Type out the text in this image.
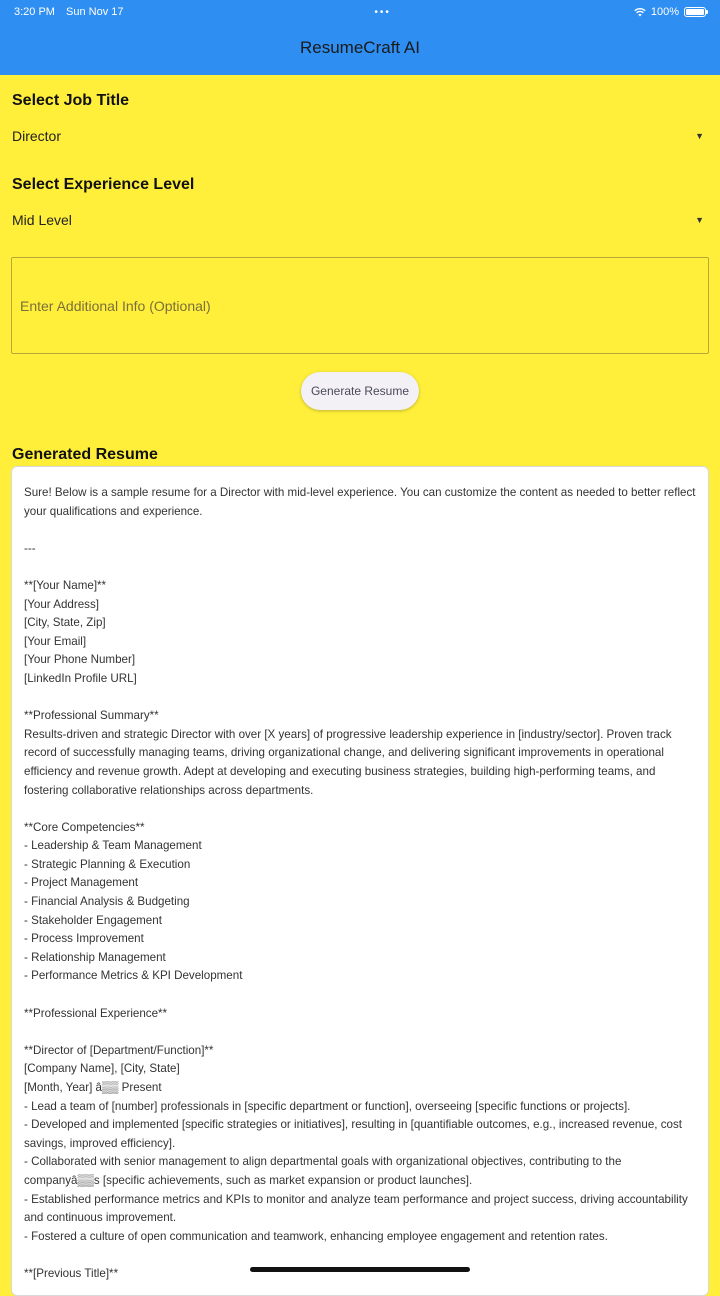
3:20 PM Sun Nov 17	•••	100%
ResumeCraft AI
Select Job Title
Director	▼
Select Experience Level
Mid Level	▼
Enter Additional Info (Optional)
Generate Resume
Generated Resume
Sure! Below is a sample resume for a Director with mid-level experience. You can customize the content as needed to better reflect your qualifications and experience.

---

**[Your Name]**
[Your Address]
[City, State, Zip]
[Your Email]
[Your Phone Number]
[LinkedIn Profile URL]

**Professional Summary**
Results-driven and strategic Director with over [X years] of progressive leadership experience in [industry/sector]. Proven track record of successfully managing teams, driving organizational change, and delivering significant improvements in operational efficiency and revenue growth. Adept at developing and executing business strategies, building high-performing teams, and fostering collaborative relationships across departments.

**Core Competencies**
- Leadership & Team Management
- Strategic Planning & Execution
- Project Management
- Financial Analysis & Budgeting
- Stakeholder Engagement
- Process Improvement
- Relationship Management
- Performance Metrics & KPI Development

**Professional Experience**

**Director of [Department/Function]**
[Company Name], [City, State]
[Month, Year] â▒▒ Present
- Lead a team of [number] professionals in [specific department or function], overseeing [specific functions or projects].
- Developed and implemented [specific strategies or initiatives], resulting in [quantifiable outcomes, e.g., increased revenue, cost savings, improved efficiency].
- Collaborated with senior management to align departmental goals with organizational objectives, contributing to the companyâ▒▒s [specific achievements, such as market expansion or product launches].
- Established performance metrics and KPIs to monitor and analyze team performance and project success, driving accountability and continuous improvement.
- Fostered a culture of open communication and teamwork, enhancing employee engagement and retention rates.

**[Previous Title]**
